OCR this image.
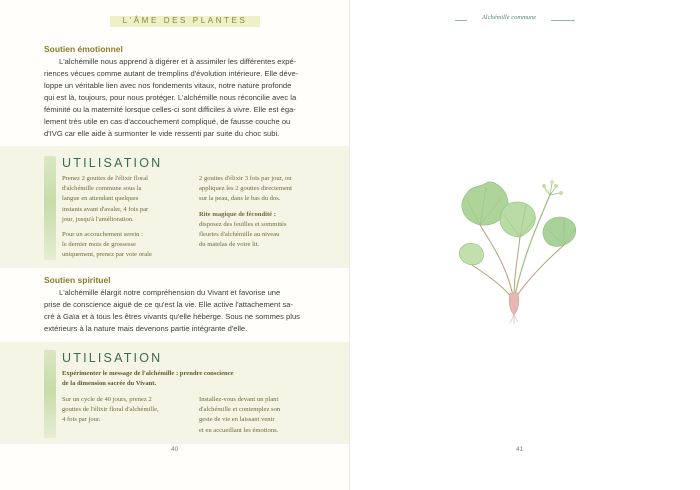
L'ÂME DES PLANTES
Soutien émotionnel
L'alchémille nous apprend à digérer et à assimiler les différentes expé-
riences vécues comme autant de tremplins d'évolution intérieure. Elle déve-
loppe un véritable lien avec nos fondements vitaux, notre nature profonde
qui est là, toujours, pour nous protéger. L'alchémille nous réconcilie avec la
féminité ou la maternité lorsque celles-ci sont difficiles à vivre. Elle est éga-
lement très utile en cas d'accouchement compliqué, de fausse couche ou
d'IVG car elle aide à surmonter le vide ressenti par suite du choc subi.
UTILISATION
Prenez 2 gouttes de l'élixir floral
d'alchémille commune sous la
langue en attendant quelques
instants avant d'avaler, 4 fois par
jour, jusqu'à l'amélioration.
Pour un accouchement serein :
le dernier mois de grossesse
uniquement, prenez par voie orale
2 gouttes d'élixir 3 fois par jour, ou
appliquez les 2 gouttes directement
sur la peau, dans le bas du dos.
Rite magique de fécondité :
disposez des feuilles et sommités
fleuries d'alchémille au niveau
du matelas de votre lit.
Soutien spirituel
L'alchémille élargit notre compréhension du Vivant et favorise une
prise de conscience aiguë de ce qu'est la vie. Elle active l'attachement sa-
cré à Gaïa et à tous les êtres vivants qu'elle héberge. Sous ne sommes plus
extérieurs à la nature mais devenons partie intégrante d'elle.
UTILISATION
Expérimenter le message de l'alchémille : prendre conscience
de la dimension sacrée du Vivant.
Sur un cycle de 40 jours, prenez 2
gouttes de l'élixir floral d'alchémille,
4 fois par jour.
Installez-vous devant un plant
d'alchémille et contemplez son
geste de vie en laissant venir
et en accueillant les émotions.
40
Alchémille commune
41
